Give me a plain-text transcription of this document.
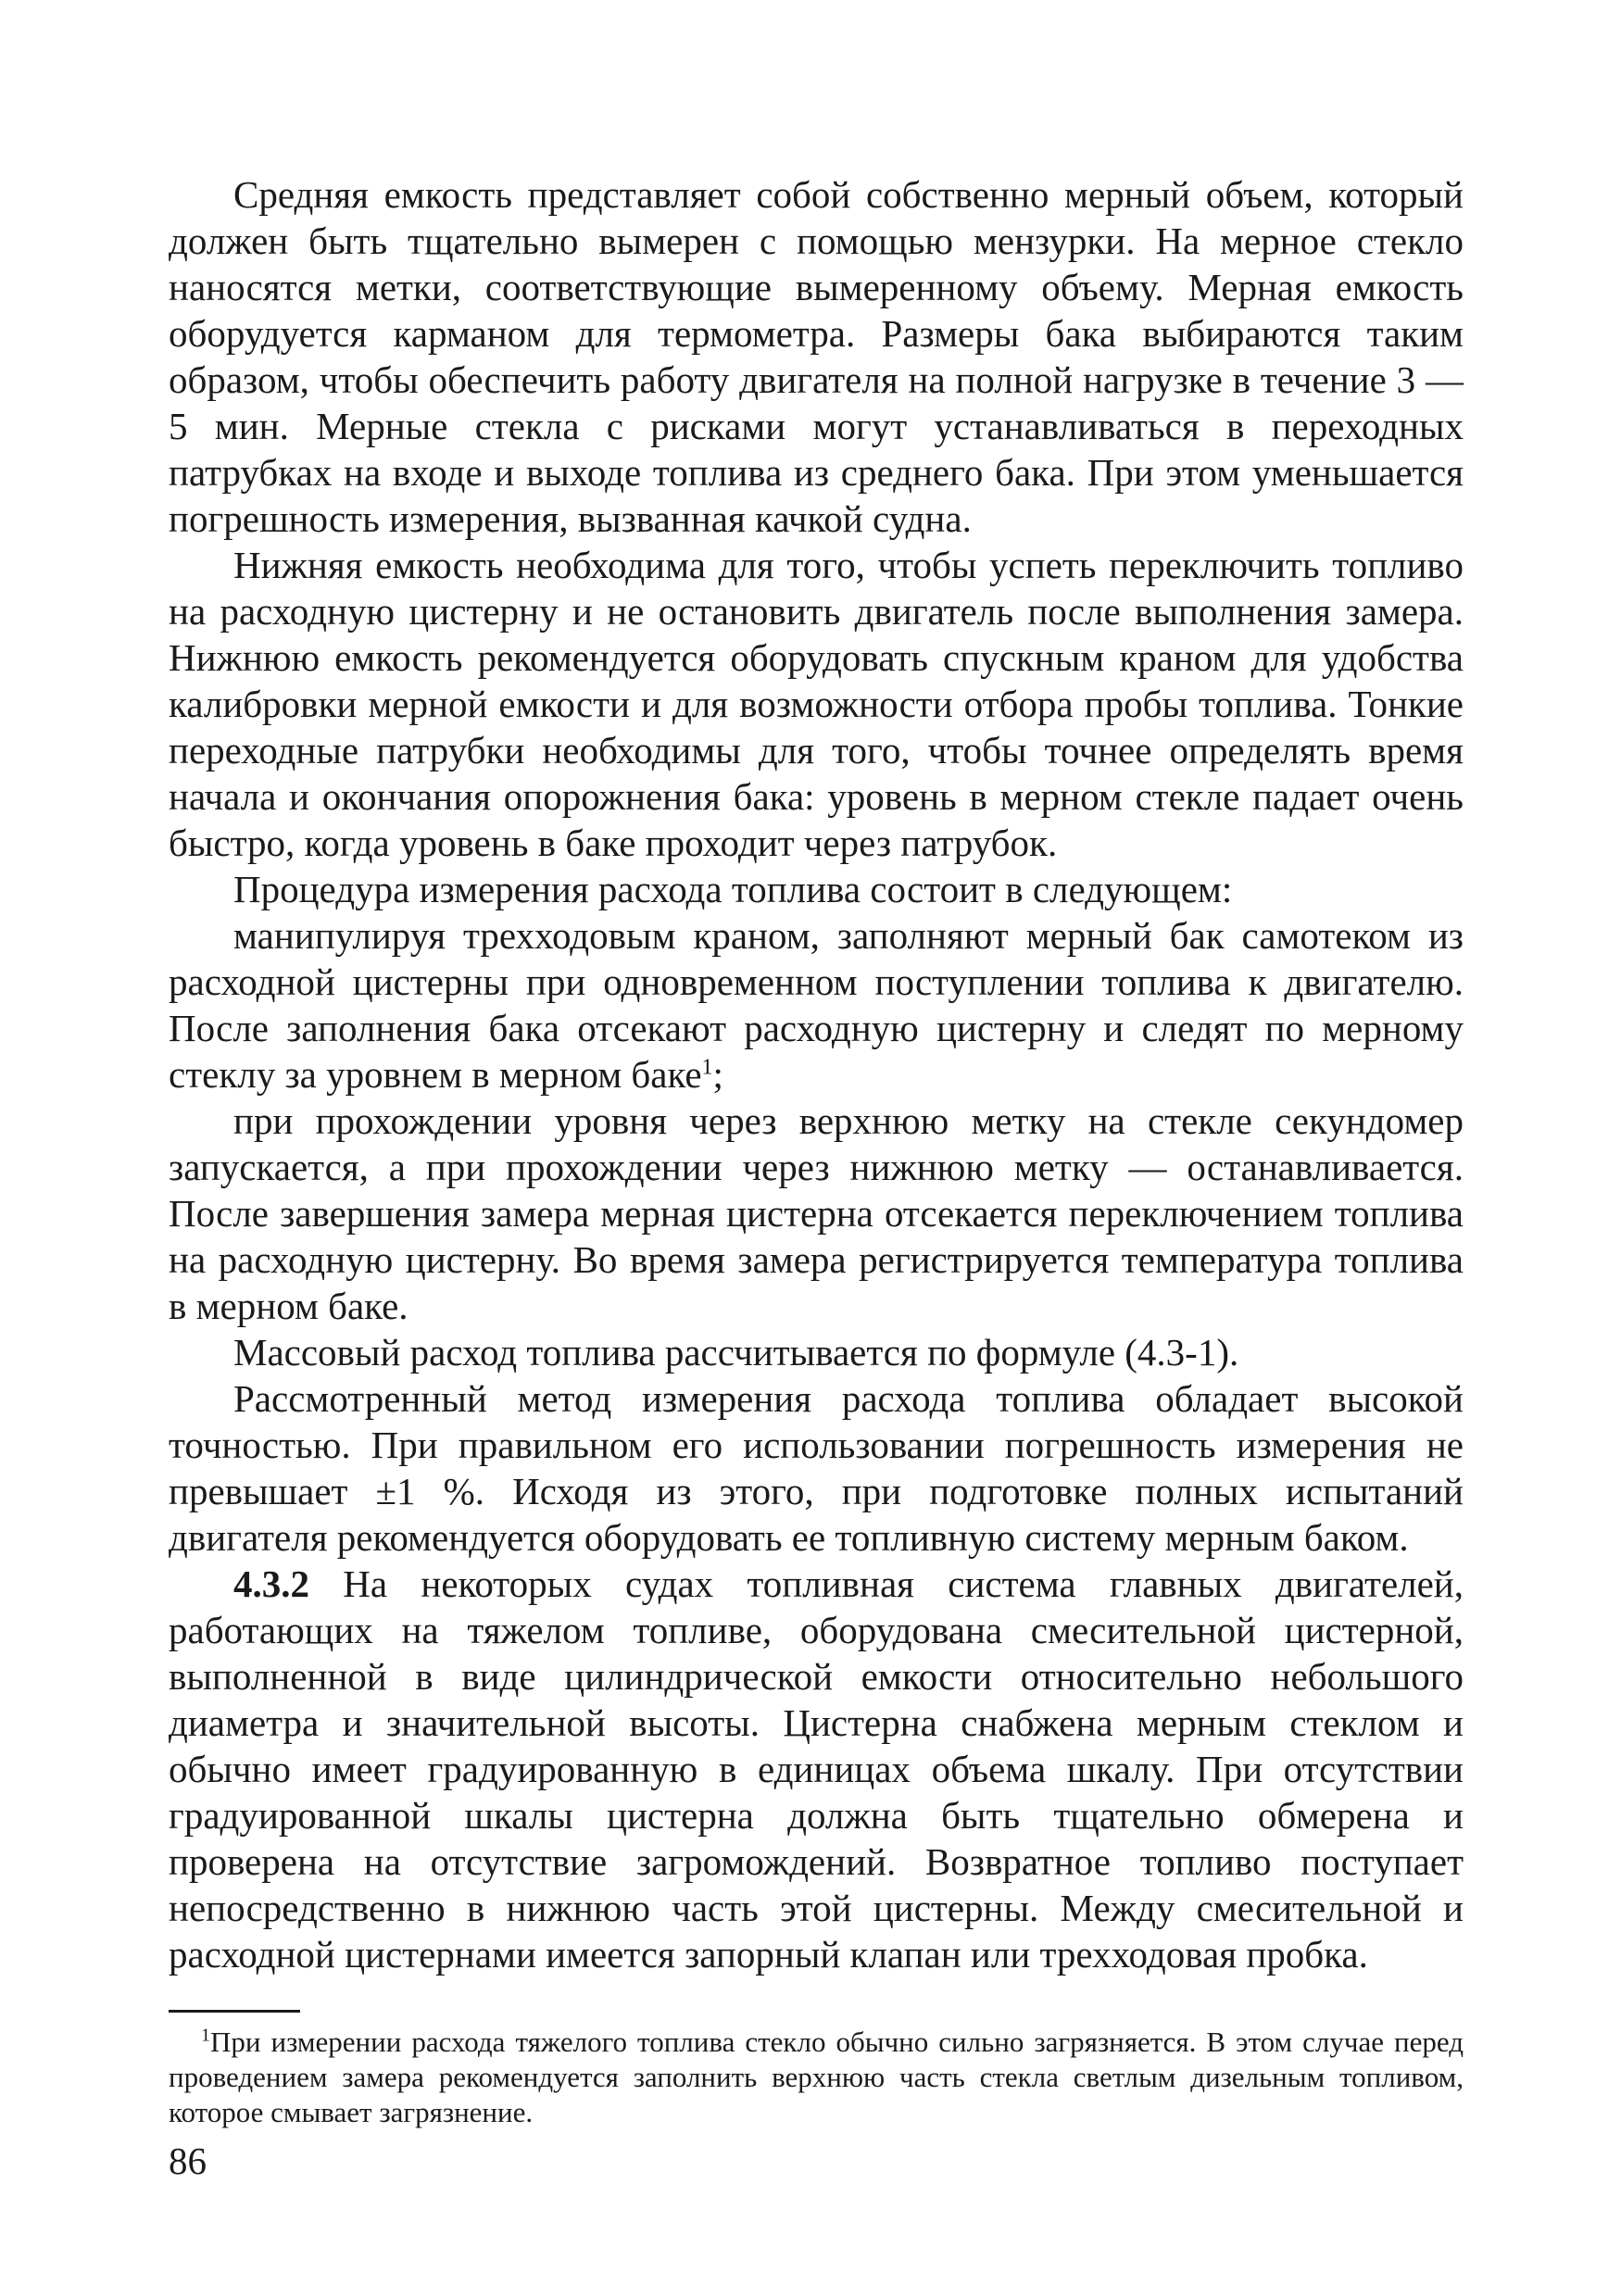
Средняя емкость представляет собой собственно мерный объем, который должен быть тщательно вымерен с помощью мензурки. На мерное стекло наносятся метки, соответствующие вымеренному объему. Мерная емкость оборудуется карманом для термометра. Размеры бака выбираются таким образом, чтобы обеспечить работу двигателя на полной нагрузке в течение 3 — 5 мин. Мерные стекла с рисками могут устанавливаться в переходных патрубках на входе и выходе топлива из среднего бака. При этом уменьшается погрешность измерения, вызванная качкой судна.

Нижняя емкость необходима для того, чтобы успеть переключить топливо на расходную цистерну и не остановить двигатель после выполнения замера. Нижнюю емкость рекомендуется оборудовать спускным краном для удобства калибровки мерной емкости и для возможности отбора пробы топлива. Тонкие переходные патрубки необходимы для того, чтобы точнее определять время начала и окончания опорожнения бака: уровень в мерном стекле падает очень быстро, когда уровень в баке проходит через патрубок.

Процедура измерения расхода топлива состоит в следующем:

манипулируя трехходовым краном, заполняют мерный бак самотеком из расходной цистерны при одновременном поступлении топлива к двигателю. После заполнения бака отсекают расходную цистерну и следят по мерному стеклу за уровнем в мерном баке$^1$;

при прохождении уровня через верхнюю метку на стекле секундомер запускается, а при прохождении через нижнюю метку — останавливается. После завершения замера мерная цистерна отсекается переключением топлива на расходную цистерну. Во время замера регистрируется температура топлива в мерном баке.

Массовый расход топлива рассчитывается по формуле (4.3-1).

Рассмотренный метод измерения расхода топлива обладает высокой точностью. При правильном его использовании погрешность измерения не превышает ±1 %. Исходя из этого, при подготовке полных испытаний двигателя рекомендуется оборудовать ее топливную систему мерным баком.

4.3.2 На некоторых судах топливная система главных двигателей, работающих на тяжелом топливе, оборудована смесительной цистерной, выполненной в виде цилиндрической емкости относительно небольшого диаметра и значительной высоты. Цистерна снабжена мерным стеклом и обычно имеет градуированную в единицах объема шкалу. При отсутствии градуированной шкалы цистерна должна быть тщательно обмерена и проверена на отсутствие загромождений. Возвратное топливо поступает непосредственно в нижнюю часть этой цистерны. Между смесительной и расходной цистернами имеется запорный клапан или трехходовая пробка.

$^1$При измерении расхода тяжелого топлива стекло обычно сильно загрязняется. В этом случае перед проведением замера рекомендуется заполнить верхнюю часть стекла светлым дизельным топливом, которое смывает загрязнение.

86
